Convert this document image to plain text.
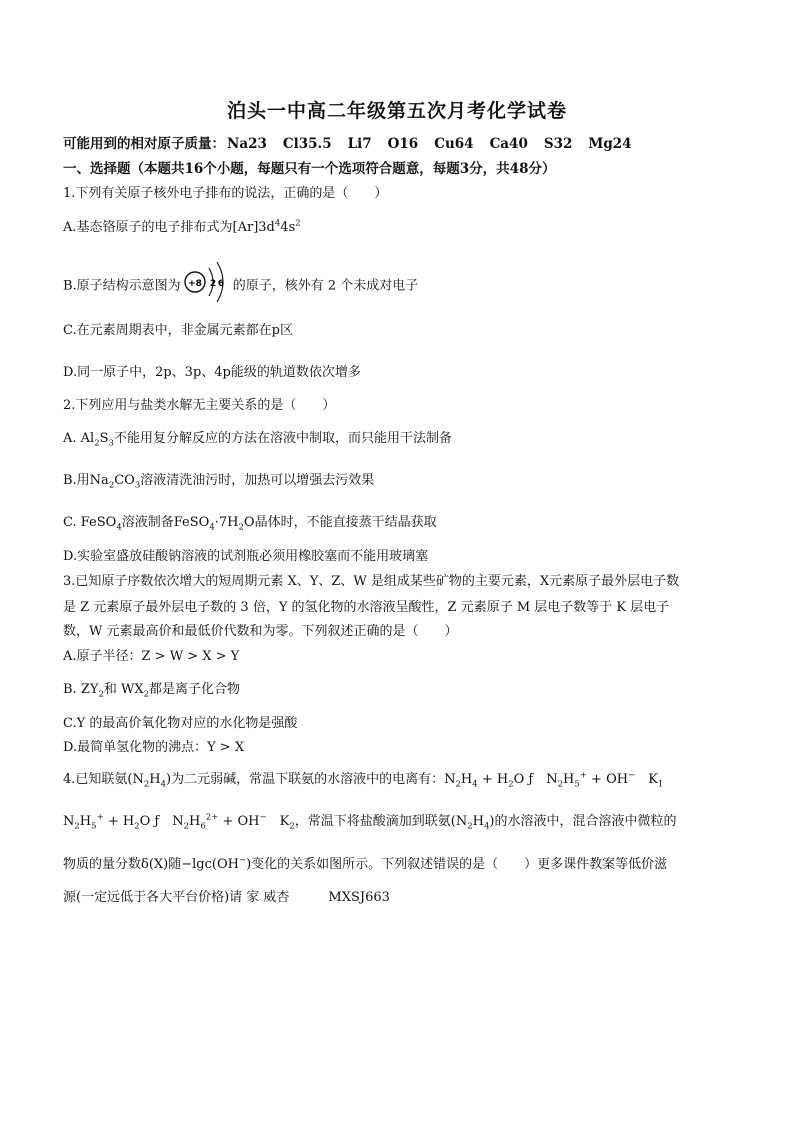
泊头一中高二年级第五次月考化学试卷
可能用到的相对原子质量： Na23 Cl35.5 Li7 O16 Cu64 Ca40 S32 Mg24
一、选择题（本题共16个小题，每题只有一个选项符合题意，每题3分，共48分）
1.下列有关原子核外电子排布的说法，正确的是（　　）
A.基态铬原子的电子排布式为$[Ar]3d^44s^2$
B.原子结构示意图为 +8 2 6 的原子，核外有 2 个未成对电子
C.在元素周期表中，非金属元素都在p区
D.同一原子中，2p、3p、4p能级的轨道数依次增多
2.下列应用与盐类水解无主要关系的是（　　）
A. $Al_2S_3$不能用复分解反应的方法在溶液中制取，而只能用干法制备
B.用$Na_2CO_3$溶液清洗油污时，加热可以增强去污效果
C. FeSO$_4$溶液制备$FeSO_4\cdot 7H_2O$晶体时，不能直接蒸干结晶获取
D.实验室盛放硅酸钠溶液的试剂瓶必须用橡胶塞而不能用玻璃塞
3.已知原子序数依次增大的短周期元素 X、Y、Z、W 是组成某些矿物的主要元素，X元素原子最外层电子数
是 Z 元素原子最外层电子数的 3 倍，Y 的氢化物的水溶液呈酸性，Z 元素原子 M 层电子数等于 K 层电子
数，W 元素最高价和最低价代数和为零。下列叙述正确的是（　　）
A.原子半径：Z > W > X > Y
B. $ZY_2$和 $WX_2$都是离子化合物
C.Y 的最高价氧化物对应的水化物是强酸
D.最简单氢化物的沸点：Y > X
4.已知联氨$(N_2H_4)$为二元弱碱，常温下联氨的水溶液中的电离有：$N_2H_4 + H_2O$ ƒ　$N_2H_5^+ + OH^-$　$K_1$
$N_2H_5^+ + H_2O$ ƒ　$N_2H_6^{2+} + OH^-$　$K_2$，常温下将盐酸滴加到联氨$(N_2H_4)$的水溶液中，混合溶液中微粒的
物质的量分数δ(X)随−lgc(OH−)变化的关系如图所示。下列叙述错误的是（　　）更多课件教案等低价滋
源(一定远低于各大平台价格)请 家 威杏　　　MXSJ663
